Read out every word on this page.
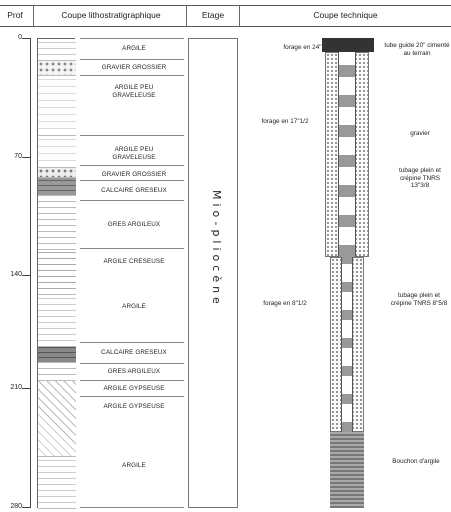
Prof	Coupe lithostratigraphique	Etage	Coupe technique
0
70
140
210
280
ARGILE
GRAVIER GROSSIER
ARGILE PEU GRAVELEUSE
ARGILE PEU GRAVELEUSE
GRAVIER GROSSIER
CALCAIRE GRESEUX
GRES ARGILEUX
ARGILE CRESEUSE
ARGILE
CALCAIRE GRESEUX
GRES ARGILEUX
ARGILE GYPSEUSE
ARGILE GYPSEUSE
ARGILE
Mio-pliocène
forage en 24"
forage en 17"1/2
forage en 8"1/2
tube guide 20" cimenté au terrain
gravier
tubage plein et crépine TNRS 13"3/8
tubage plein et crépine TNRS 8"5/8
Bouchon d'argile
